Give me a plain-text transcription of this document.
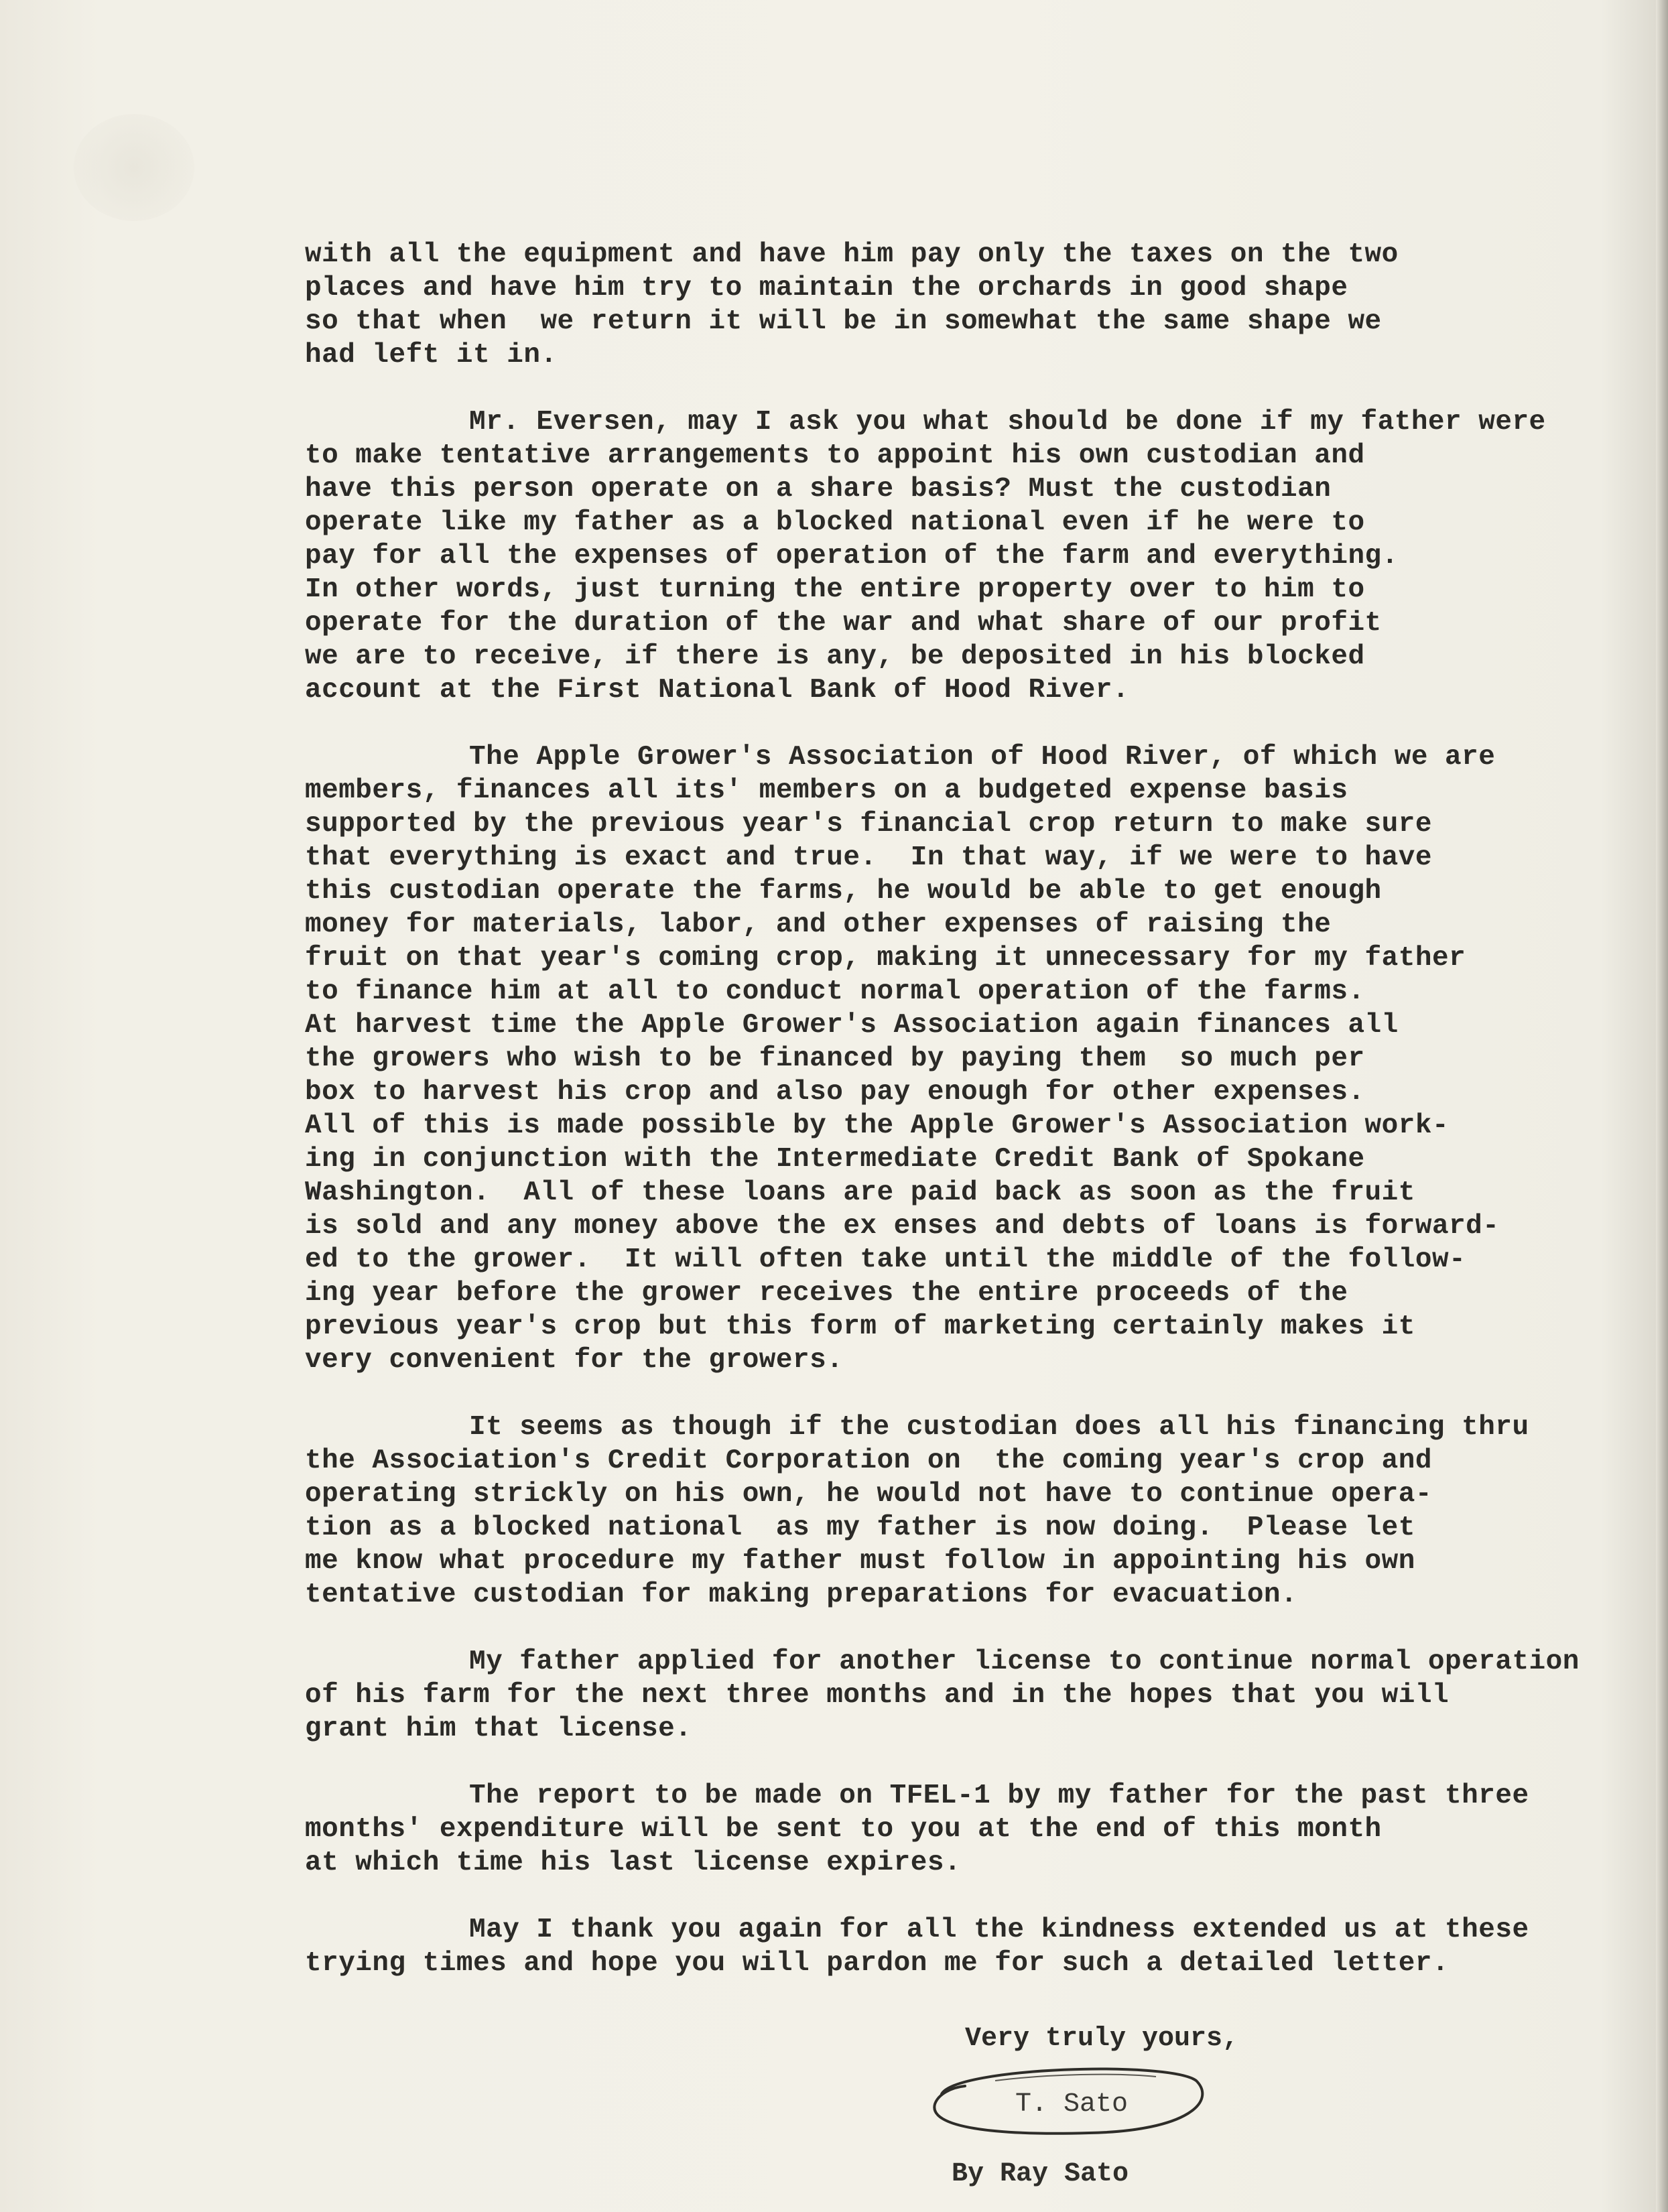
with all the equipment and have him pay only the taxes on the two
places and have him try to maintain the orchards in good shape
so that when  we return it will be in somewhat the same shape we
had left it in.

Mr. Eversen, may I ask you what should be done if my father were
to make tentative arrangements to appoint his own custodian and
have this person operate on a share basis? Must the custodian
operate like my father as a blocked national even if he were to
pay for all the expenses of operation of the farm and everything.
In other words, just turning the entire property over to him to
operate for the duration of the war and what share of our profit
we are to receive, if there is any, be deposited in his blocked
account at the First National Bank of Hood River.

The Apple Grower's Association of Hood River, of which we are
members, finances all its' members on a budgeted expense basis
supported by the previous year's financial crop return to make sure
that everything is exact and true.  In that way, if we were to have
this custodian operate the farms, he would be able to get enough
money for materials, labor, and other expenses of raising the
fruit on that year's coming crop, making it unnecessary for my father
to finance him at all to conduct normal operation of the farms.
At harvest time the Apple Grower's Association again finances all
the growers who wish to be financed by paying them  so much per
box to harvest his crop and also pay enough for other expenses.
All of this is made possible by the Apple Grower's Association work-
ing in conjunction with the Intermediate Credit Bank of Spokane
Washington.  All of these loans are paid back as soon as the fruit
is sold and any money above the ex enses and debts of loans is forward-
ed to the grower.  It will often take until the middle of the follow-
ing year before the grower receives the entire proceeds of the
previous year's crop but this form of marketing certainly makes it
very convenient for the growers.

It seems as though if the custodian does all his financing thru
the Association's Credit Corporation on  the coming year's crop and
operating strickly on his own, he would not have to continue opera-
tion as a blocked national  as my father is now doing.  Please let
me know what procedure my father must follow in appointing his own
tentative custodian for making preparations for evacuation.

My father applied for another license to continue normal operation
of his farm for the next three months and in the hopes that you will
grant him that license.

The report to be made on TFEL-1 by my father for the past three
months' expenditure will be sent to you at the end of this month
at which time his last license expires.

May I thank you again for all the kindness extended us at these
trying times and hope you will pardon me for such a detailed letter.

Very truly yours,
T. Sato
By Ray Sato
